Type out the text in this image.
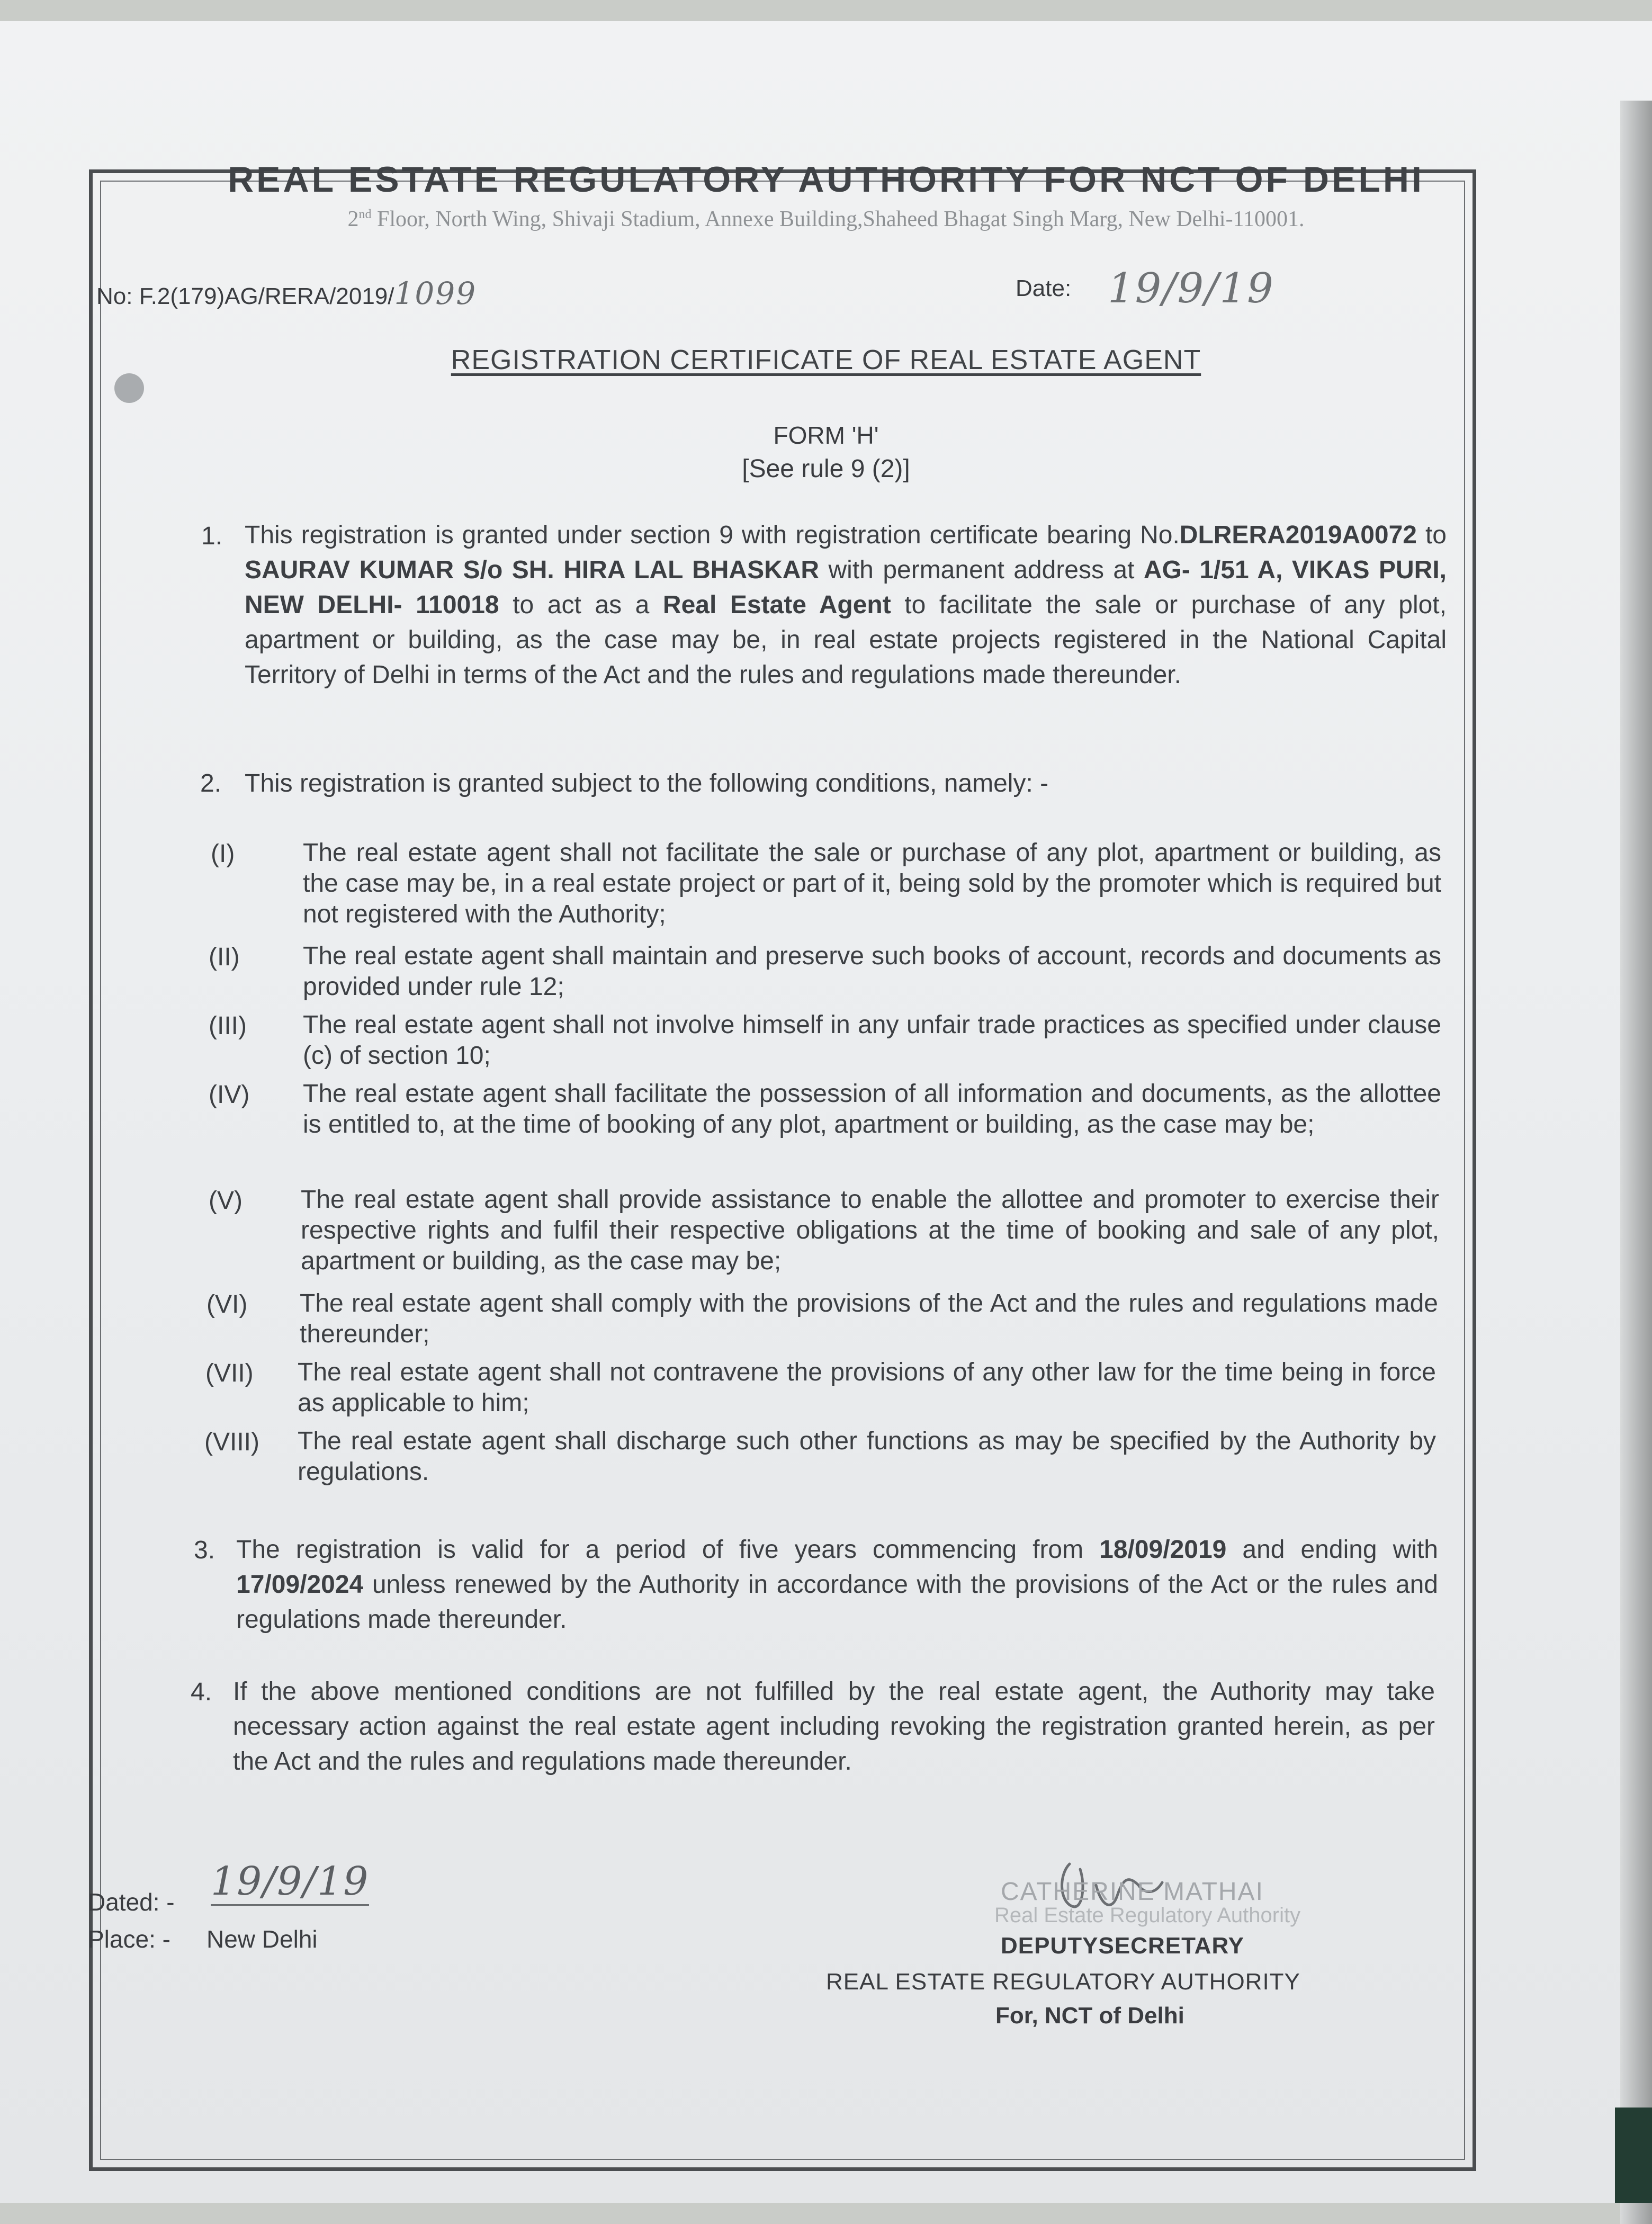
REAL ESTATE REGULATORY AUTHORITY FOR NCT OF DELHI
2nd Floor, North Wing, Shivaji Stadium, Annexe Building,Shaheed Bhagat Singh Marg, New Delhi-110001.
No: F.2(179)AG/RERA/2019/1099	Date: 19/9/19
REGISTRATION CERTIFICATE OF REAL ESTATE AGENT
FORM 'H'
[See rule 9 (2)]
1. This registration is granted under section 9 with registration certificate bearing No.DLRERA2019A0072 to SAURAV KUMAR S/o SH. HIRA LAL BHASKAR with permanent address at AG- 1/51 A, VIKAS PURI, NEW DELHI- 110018 to act as a Real Estate Agent to facilitate the sale or purchase of any plot, apartment or building, as the case may be, in real estate projects registered in the National Capital Territory of Delhi in terms of the Act and the rules and regulations made thereunder.
2. This registration is granted subject to the following conditions, namely: -
(I)	The real estate agent shall not facilitate the sale or purchase of any plot, apartment or building, as the case may be, in a real estate project or part of it, being sold by the promoter which is required but not registered with the Authority;
(II) The real estate agent shall maintain and preserve such books of account, records and documents as provided under rule 12;
(III) The real estate agent shall not involve himself in any unfair trade practices as specified under clause (c) of section 10;
(IV) The real estate agent shall facilitate the possession of all information and documents, as the allottee is entitled to, at the time of booking of any plot, apartment or building, as the case may be;
(V) The real estate agent shall provide assistance to enable the allottee and promoter to exercise their respective rights and fulfil their respective obligations at the time of booking and sale of any plot, apartment or building, as the case may be;
(VI) The real estate agent shall comply with the provisions of the Act and the rules and regulations made thereunder;
(VII) The real estate agent shall not contravene the provisions of any other law for the time being in force as applicable to him;
(VIII) The real estate agent shall discharge such other functions as may be specified by the Authority by regulations.
3. The registration is valid for a period of five years commencing from 18/09/2019 and ending with 17/09/2024 unless renewed by the Authority in accordance with the provisions of the Act or the rules and regulations made thereunder.
4. If the above mentioned conditions are not fulfilled by the real estate agent, the Authority may take necessary action against the real estate agent including revoking the registration granted herein, as per the Act and the rules and regulations made thereunder.
Dated: - 19/9/19
Place: - New Delhi
CATHERINE MATHAI
Real Estate Regulatory Authority
DEPUTYSECRETARY
REAL ESTATE REGULATORY AUTHORITY
For, NCT of Delhi
